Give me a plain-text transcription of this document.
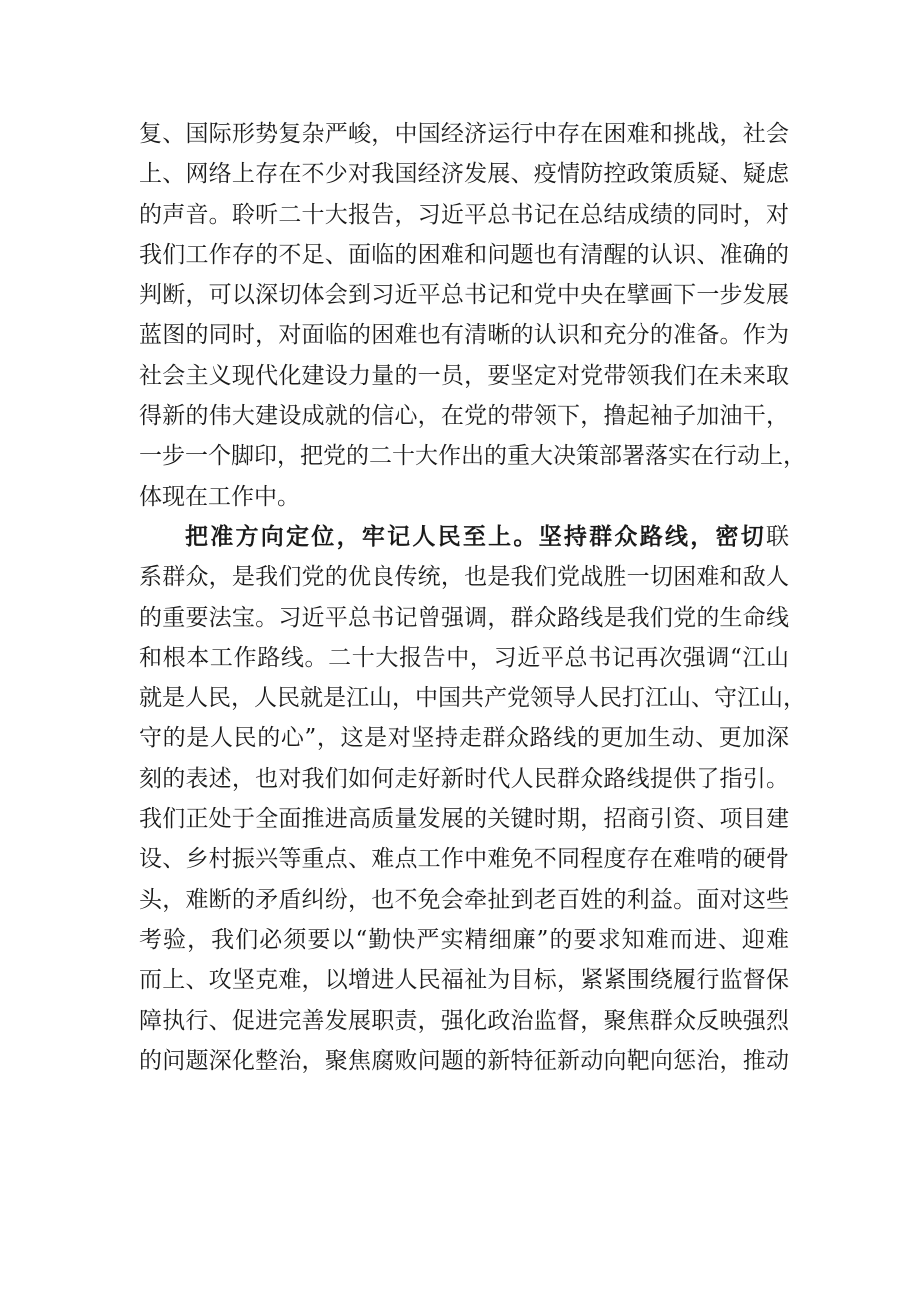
复、国际形势复杂严峻，中国经济运行中存在困难和挑战，社会
上、网络上存在不少对我国经济发展、疫情防控政策质疑、疑虑
的声音。聆听二十大报告，习近平总书记在总结成绩的同时，对
我们工作存的不足、面临的困难和问题也有清醒的认识、准确的
判断，可以深切体会到习近平总书记和党中央在擘画下一步发展
蓝图的同时，对面临的困难也有清晰的认识和充分的准备。作为
社会主义现代化建设力量的一员，要坚定对党带领我们在未来取
得新的伟大建设成就的信心，在党的带领下，撸起袖子加油干，
一步一个脚印，把党的二十大作出的重大决策部署落实在行动上，
体现在工作中。
把准方向定位，牢记人民至上。坚持群众路线，密切联
系群众，是我们党的优良传统，也是我们党战胜一切困难和敌人
的重要法宝。习近平总书记曾强调，群众路线是我们党的生命线
和根本工作路线。二十大报告中，习近平总书记再次强调“江山
就是人民，人民就是江山，中国共产党领导人民打江山、守江山，
守的是人民的心”，这是对坚持走群众路线的更加生动、更加深
刻的表述，也对我们如何走好新时代人民群众路线提供了指引。
我们正处于全面推进高质量发展的关键时期，招商引资、项目建
设、乡村振兴等重点、难点工作中难免不同程度存在难啃的硬骨
头，难断的矛盾纠纷，也不免会牵扯到老百姓的利益。面对这些
考验，我们必须要以“勤快严实精细廉”的要求知难而进、迎难
而上、攻坚克难，以增进人民福祉为目标，紧紧围绕履行监督保
障执行、促进完善发展职责，强化政治监督，聚焦群众反映强烈
的问题深化整治，聚焦腐败问题的新特征新动向靶向惩治，推动
